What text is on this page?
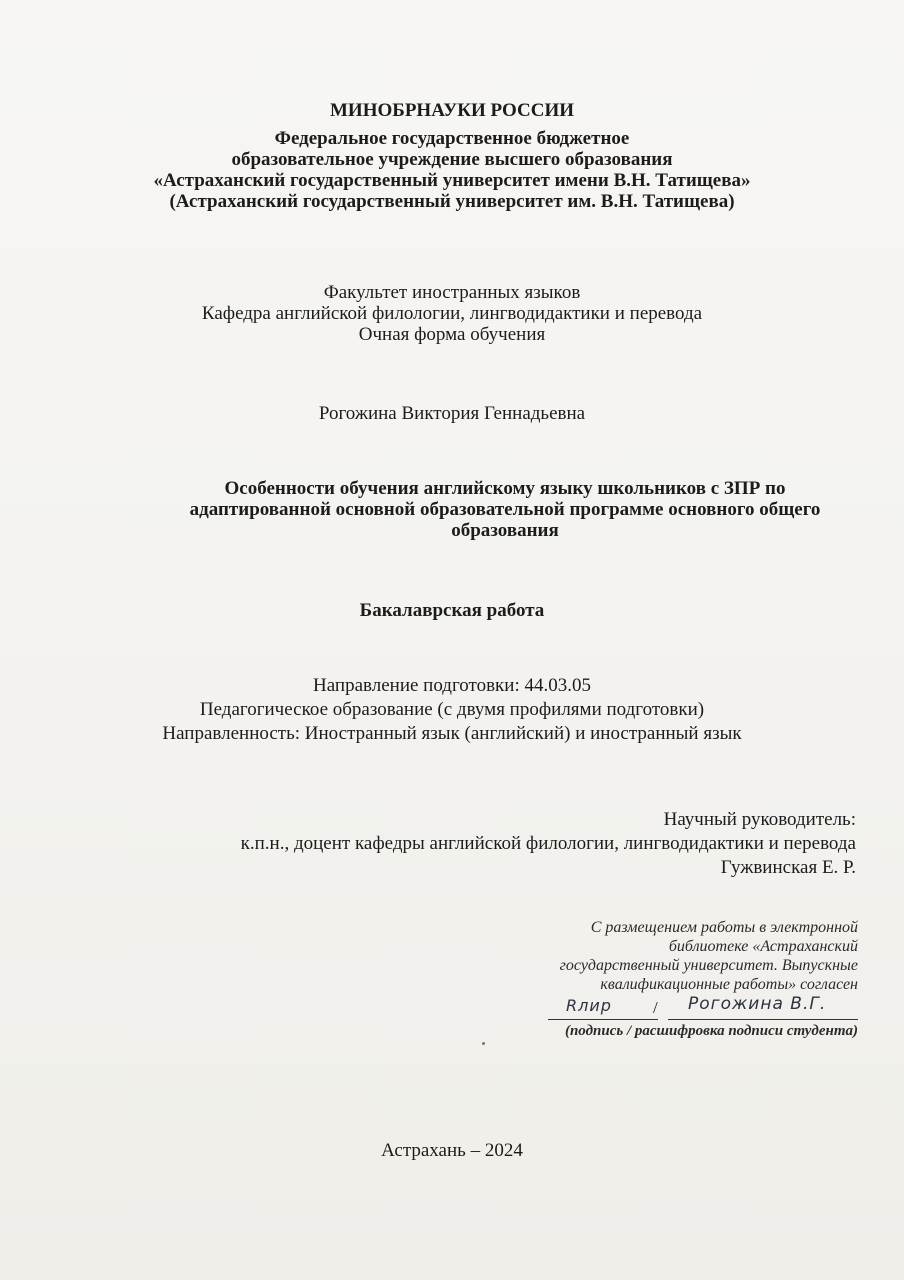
МИНОБРНАУКИ РОССИИ
Федеральное государственное бюджетное
образовательное учреждение высшего образования
«Астраханский государственный университет имени В.Н. Татищева»
(Астраханский государственный университет им. В.Н. Татищева)
Факультет иностранных языков
Кафедра английской филологии, лингводидактики и перевода
Очная форма обучения
Рогожина Виктория Геннадьевна
Особенности обучения английскому языку школьников с ЗПР по
адаптированной основной образовательной программе основного общего
образования
Бакалаврская работа
Направление подготовки: 44.03.05
Педагогическое образование (с двумя профилями подготовки)
Направленность: Иностранный язык (английский) и иностранный язык
Научный руководитель:
к.п.н., доцент кафедры английской филологии, лингводидактики и перевода
Гужвинская Е. Р.
С размещением работы в электронной
библиотеке «Астраханский
государственный университет. Выпускные
квалификационные работы» согласен
Rлир / Рогожина В.Г.
(подпись / расшифровка подписи студента)
Астрахань – 2024
